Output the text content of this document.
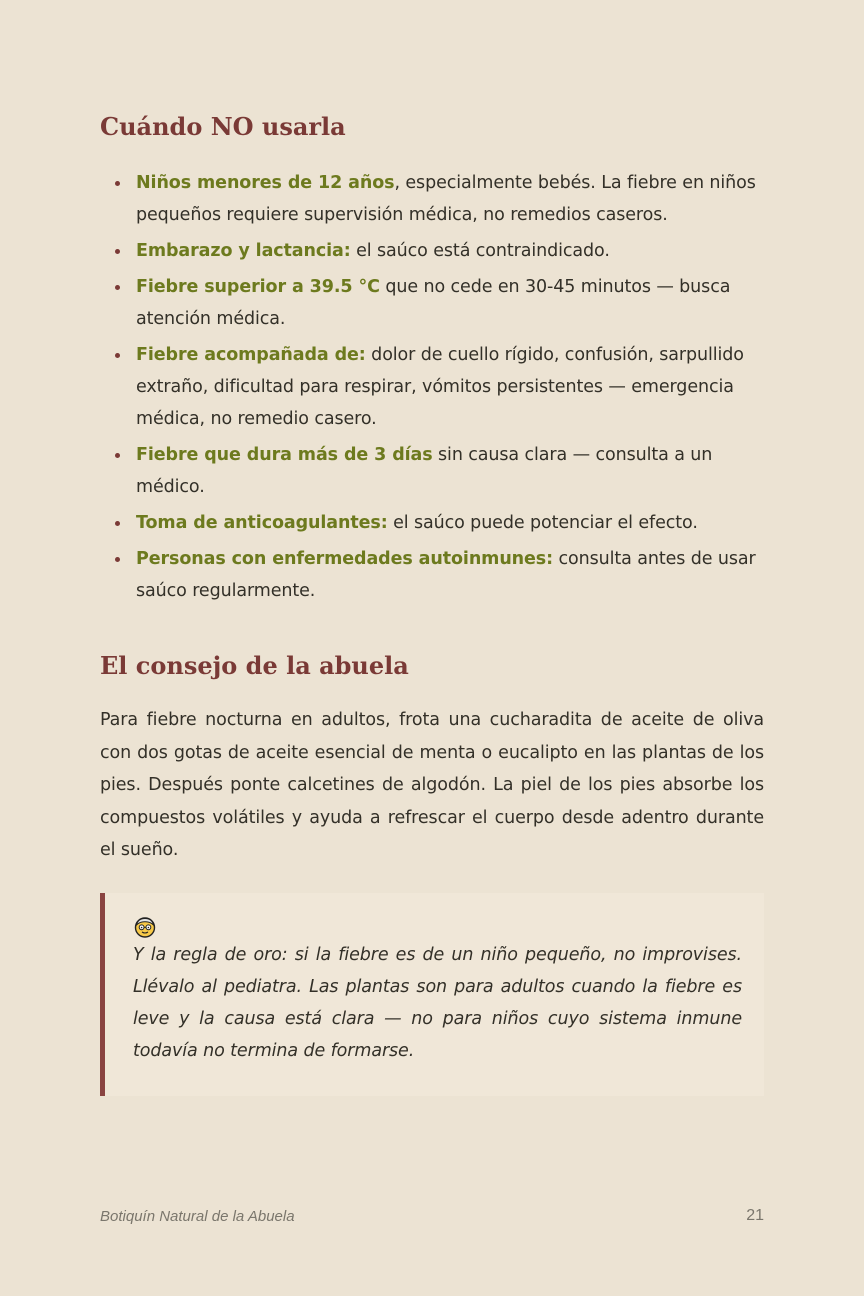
Cuándo NO usarla
Niños menores de 12 años, especialmente bebés. La fiebre en niños pequeños requiere supervisión médica, no remedios caseros.
Embarazo y lactancia: el saúco está contraindicado.
Fiebre superior a 39.5 °C que no cede en 30-45 minutos — busca atención médica.
Fiebre acompañada de: dolor de cuello rígido, confusión, sarpullido extraño, dificultad para respirar, vómitos persistentes — emergencia médica, no remedio casero.
Fiebre que dura más de 3 días sin causa clara — consulta a un médico.
Toma de anticoagulantes: el saúco puede potenciar el efecto.
Personas con enfermedades autoinmunes: consulta antes de usar saúco regularmente.
El consejo de la abuela

Para fiebre nocturna en adultos, frota una cucharadita de aceite de oliva con dos gotas de aceite esencial de menta o eucalipto en las plantas de los pies. Después ponte calcetines de algodón. La piel de los pies absorbe los compuestos volátiles y ayuda a refrescar el cuerpo desde adentro durante el sueño.

Y la regla de oro: si la fiebre es de un niño pequeño, no improvises. Llévalo al pediatra. Las plantas son para adultos cuando la fiebre es leve y la causa está clara — no para niños cuyo sistema inmune todavía no termina de formarse.

Botiquín Natural de la Abuela	21
